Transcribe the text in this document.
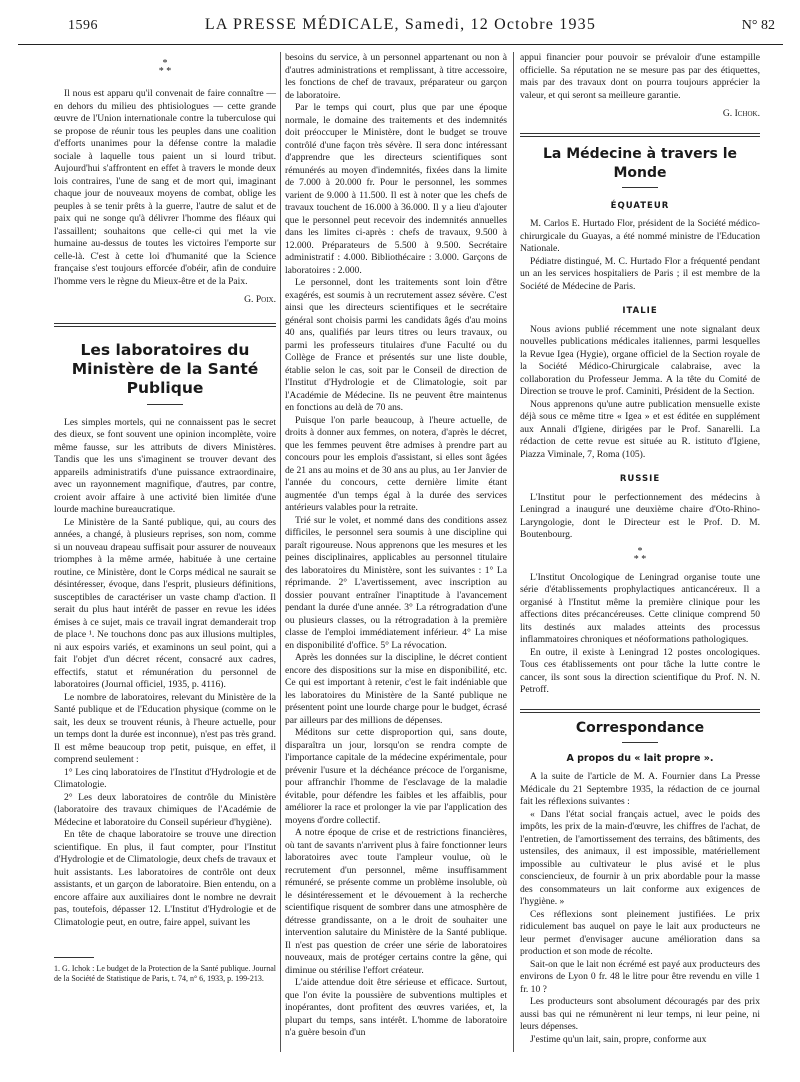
1596	LA PRESSE MÉDICALE, Samedi, 12 Octobre 1935	N° 82
*
* *

Il nous est apparu qu'il convenait de faire connaître — en dehors du milieu des phtisiologues — cette grande œuvre de l'Union internationale contre la tuberculose qui se propose de réunir tous les peuples dans une coalition d'efforts unanimes pour la défense contre la maladie sociale à laquelle tous paient un si lourd tribut. Aujourd'hui s'affrontent en effet à travers le monde deux lois contraires, l'une de sang et de mort qui, imaginant chaque jour de nouveaux moyens de combat, oblige les peuples à se tenir prêts à la guerre, l'autre de salut et de paix qui ne songe qu'à délivrer l'homme des fléaux qui l'assaillent; souhaitons que celle-ci qui met la vie humaine au-dessus de toutes les victoires l'emporte sur celle-là. C'est à cette loi d'humanité que la Science française s'est toujours efforcée d'obéir, afin de conduire l'homme vers le règne du Mieux-être et de la Paix.

G. Poix.
Les laboratoires du Ministère de la Santé Publique

Les simples mortels, qui ne connaissent pas le secret des dieux, se font souvent une opinion incomplète, voire même fausse, sur les attributs de divers Ministères. Tandis que les uns s'imaginent se trouver devant des appareils administratifs d'une puissance extraordinaire, avec un rayonnement magnifique, d'autres, par contre, croient avoir affaire à une activité bien limitée d'une lourde machine bureaucratique.

Le Ministère de la Santé publique, qui, au cours des années, a changé, à plusieurs reprises, son nom, comme si un nouveau drapeau suffisait pour assurer de nouveaux triomphes à la même armée, habituée à une certaine routine, ce Ministère, dont le Corps médical ne saurait se désintéresser, évoque, dans l'esprit, plusieurs définitions, susceptibles de caractériser un vaste champ d'action. Il serait du plus haut intérêt de passer en revue les idées émises à ce sujet, mais ce travail ingrat demanderait trop de place ¹. Ne touchons donc pas aux illusions multiples, ni aux espoirs variés, et examinons un seul point, qui a fait l'objet d'un décret récent, consacré aux cadres, effectifs, statut et rémunération du personnel de laboratoires (Journal officiel, 1935, p. 4116).

Le nombre de laboratoires, relevant du Ministère de la Santé publique et de l'Education physique (comme on le sait, les deux se trouvent réunis, à l'heure actuelle, pour un temps dont la durée est inconnue), n'est pas très grand. Il est même beaucoup trop petit, puisque, en effet, il comprend seulement :

1° Les cinq laboratoires de l'Institut d'Hydrologie et de Climatologie.

2° Les deux laboratoires de contrôle du Ministère (laboratoire des travaux chimiques de l'Académie de Médecine et laboratoire du Conseil supérieur d'hygiène).

En tête de chaque laboratoire se trouve une direction scientifique. En plus, il faut compter, pour l'Institut d'Hydrologie et de Climatologie, deux chefs de travaux et huit assistants. Les laboratoires de contrôle ont deux assistants, et un garçon de laboratoire. Bien entendu, on a encore affaire aux auxiliaires dont le nombre ne devrait pas, toutefois, dépasser 12. L'Institut d'Hydrologie et de Climatologie peut, en outre, faire appel, suivant les

1. G. Ichok : Le budget de la Protection de la Santé publique. Journal de la Société de Statistique de Paris, t. 74, n° 6, 1933, p. 199-213.

besoins du service, à un personnel appartenant ou non à d'autres administrations et remplissant, à titre accessoire, les fonctions de chef de travaux, préparateur ou garçon de laboratoire.

Par le temps qui court, plus que par une époque normale, le domaine des traitements et des indemnités doit préoccuper le Ministère, dont le budget se trouve contrôlé d'une façon très sévère. Il sera donc intéressant d'apprendre que les directeurs scientifiques sont rémunérés au moyen d'indemnités, fixées dans la limite de 7.000 à 20.000 fr. Pour le personnel, les sommes varient de 9.000 à 11.500. Il est à noter que les chefs de travaux touchent de 16.000 à 36.000. Il y a lieu d'ajouter que le personnel peut recevoir des indemnités annuelles dans les limites ci-après : chefs de travaux, 9.500 à 12.000. Préparateurs de 5.500 à 9.500. Secrétaire administratif : 4.000. Bibliothécaire : 3.000. Garçons de laboratoires : 2.000.

Le personnel, dont les traitements sont loin d'être exagérés, est soumis à un recrutement assez sévère. C'est ainsi que les directeurs scientifiques et le secrétaire général sont choisis parmi les candidats âgés d'au moins 40 ans, qualifiés par leurs titres ou leurs travaux, ou parmi les professeurs titulaires d'une Faculté ou du Collège de France et présentés sur une liste double, établie selon le cas, soit par le Conseil de direction de l'Institut d'Hydrologie et de Climatologie, soit par l'Académie de Médecine. Ils ne peuvent être maintenus en fonctions au delà de 70 ans.

Puisque l'on parle beaucoup, à l'heure actuelle, de droits à donner aux femmes, on notera, d'après le décret, que les femmes peuvent être admises à prendre part au concours pour les emplois d'assistant, si elles sont âgées de 21 ans au moins et de 30 ans au plus, au 1er Janvier de l'année du concours, cette dernière limite étant augmentée d'un temps égal à la durée des services antérieurs valables pour la retraite.

Trié sur le volet, et nommé dans des conditions assez difficiles, le personnel sera soumis à une discipline qui paraît rigoureuse. Nous apprenons que les mesures et les peines disciplinaires, applicables au personnel titulaire des laboratoires du Ministère, sont les suivantes : 1° La réprimande. 2° L'avertissement, avec inscription au dossier pouvant entraîner l'inaptitude à l'avancement pendant la durée d'une année. 3° La rétrogradation d'une ou plusieurs classes, ou la rétrogradation à la première classe de l'emploi immédiatement inférieur. 4° La mise en disponibilité d'office. 5° La révocation.

Après les données sur la discipline, le décret contient encore des dispositions sur la mise en disponibilité, etc. Ce qui est important à retenir, c'est le fait indéniable que les laboratoires du Ministère de la Santé publique ne présentent point une lourde charge pour le budget, écrasé par ailleurs par des millions de dépenses.

Méditons sur cette disproportion qui, sans doute, disparaîtra un jour, lorsqu'on se rendra compte de l'importance capitale de la médecine expérimentale, pour prévenir l'usure et la déchéance précoce de l'organisme, pour affranchir l'homme de l'esclavage de la maladie évitable, pour défendre les faibles et les affaiblis, pour améliorer la race et prolonger la vie par l'application des moyens d'ordre collectif.

A notre époque de crise et de restrictions financières, où tant de savants n'arrivent plus à faire fonctionner leurs laboratoires avec toute l'ampleur voulue, où le recrutement d'un personnel, même insuffisamment rémunéré, se présente comme un problème insoluble, où le désintéressement et le dévouement à la recherche scientifique risquent de sombrer dans une atmosphère de détresse grandissante, on a le droit de souhaiter une intervention salutaire du Ministère de la Santé publique. Il n'est pas question de créer une série de laboratoires nouveaux, mais de protéger certains contre la gêne, qui diminue ou stérilise l'effort créateur.

L'aide attendue doit être sérieuse et efficace. Surtout, que l'on évite la poussière de subventions multiples et inopérantes, dont profitent des œuvres variées, et, la plupart du temps, sans intérêt. L'homme de laboratoire n'a guère besoin d'un

appui financier pour pouvoir se prévaloir d'une estampille officielle. Sa réputation ne se mesure pas par des étiquettes, mais par des travaux dont on pourra toujours apprécier la valeur, et qui seront sa meilleure garantie.

G. Ichok.
La Médecine à travers le Monde
ÉQUATEUR

M. Carlos E. Hurtado Flor, président de la Société médico-chirurgicale du Guayas, a été nommé ministre de l'Education Nationale.

Pédiatre distingué, M. C. Hurtado Flor a fréquenté pendant un an les services hospitaliers de Paris ; il est membre de la Société de Médecine de Paris.

ITALIE

Nous avions publié récemment une note signalant deux nouvelles publications médicales italiennes, parmi lesquelles la Revue Igea (Hygie), organe officiel de la Section royale de la Société Médico-Chirurgicale calabraise, avec la collaboration du Professeur Jemma. A la tête du Comité de Direction se trouve le prof. Caminiti, Président de la Section.

Nous apprenons qu'une autre publication mensuelle existe déjà sous ce même titre « Igea » et est éditée en supplément aux Annali d'Igiene, dirigées par le Prof. Sanarelli. La rédaction de cette revue est située au R. istituto d'Igiene, Piazza Viminale, 7, Roma (105).

RUSSIE

L'Institut pour le perfectionnement des médecins à Leningrad a inauguré une deuxième chaire d'Oto-Rhino-Laryngologie, dont le Directeur est le Prof. D. M. Boutenbourg.

*
* *

L'Institut Oncologique de Leningrad organise toute une série d'établissements prophylactiques anticancéreux. Il a organisé à l'Institut même la première clinique pour les affections dites précancéreuses. Cette clinique comprend 50 lits destinés aux malades atteints des processus inflammatoires chroniques et néoformations pathologiques.

En outre, il existe à Leningrad 12 postes oncologiques. Tous ces établissements ont pour tâche la lutte contre le cancer, ils sont sous la direction scientifique du Prof. N. N. Petroff.

Correspondance
A propos du « lait propre ».

A la suite de l'article de M. A. Fournier dans La Presse Médicale du 21 Septembre 1935, la rédaction de ce journal fait les réflexions suivantes :

« Dans l'état social français actuel, avec le poids des impôts, les prix de la main-d'œuvre, les chiffres de l'achat, de l'entretien, de l'amortissement des terrains, des bâtiments, des ustensiles, des animaux, il est impossible, matériellement impossible au cultivateur le plus avisé et le plus consciencieux, de fournir à un prix abordable pour la masse des consommateurs un lait conforme aux exigences de l'hygiène. »

Ces réflexions sont pleinement justifiées. Le prix ridiculement bas auquel on paye le lait aux producteurs ne leur permet d'envisager aucune amélioration dans sa production et son mode de récolte.

Sait-on que le lait non écrémé est payé aux producteurs des environs de Lyon 0 fr. 48 le litre pour être revendu en ville 1 fr. 10 ?

Les producteurs sont absolument découragés par des prix aussi bas qui ne rémunèrent ni leur temps, ni leur peine, ni leurs dépenses.

J'estime qu'un lait, sain, propre, conforme aux
